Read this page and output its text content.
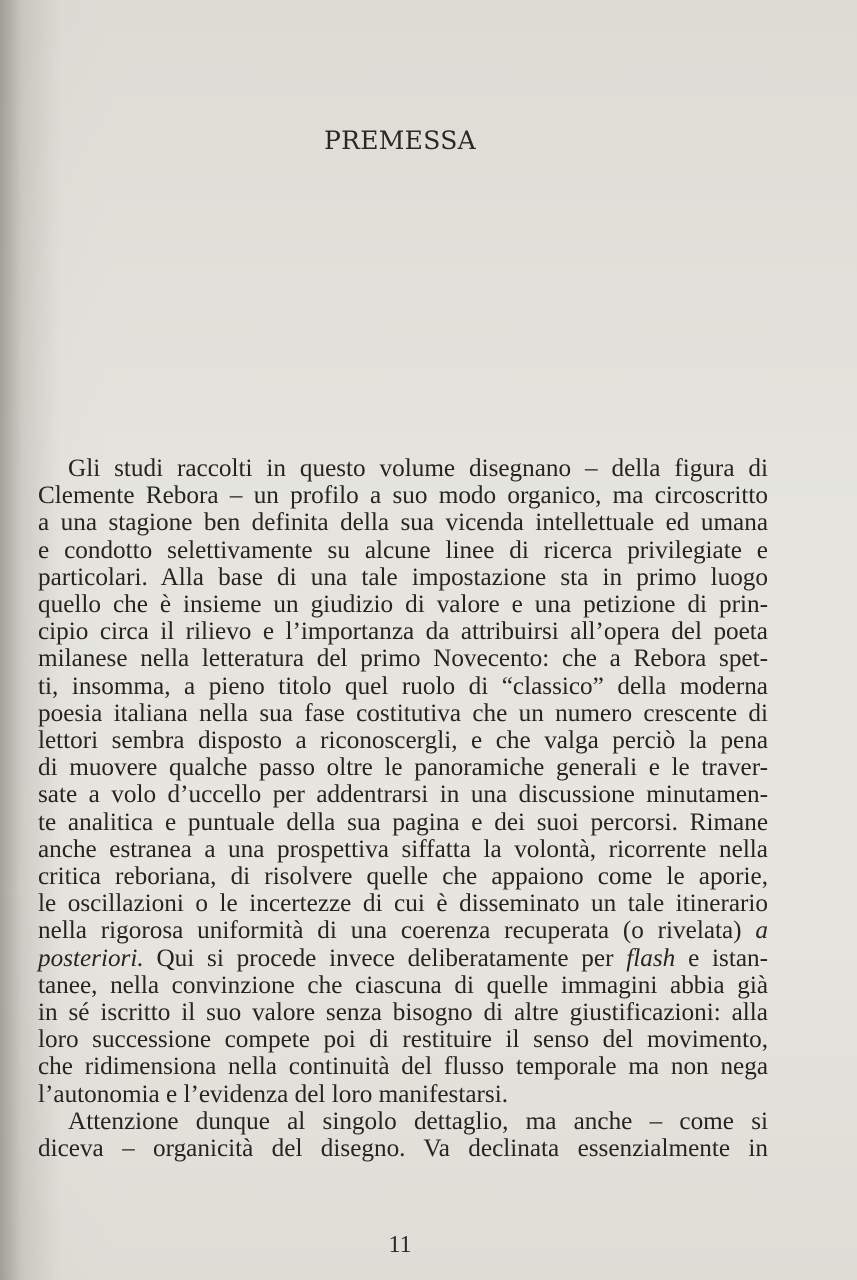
PREMESSA
Gli studi raccolti in questo volume disegnano – della figura di
Clemente Rebora – un profilo a suo modo organico, ma circoscritto
a una stagione ben definita della sua vicenda intellettuale ed umana
e condotto selettivamente su alcune linee di ricerca privilegiate e
particolari. Alla base di una tale impostazione sta in primo luogo
quello che è insieme un giudizio di valore e una petizione di prin-
cipio circa il rilievo e l’importanza da attribuirsi all’opera del poeta
milanese nella letteratura del primo Novecento: che a Rebora spet-
ti, insomma, a pieno titolo quel ruolo di “classico” della moderna
poesia italiana nella sua fase costitutiva che un numero crescente di
lettori sembra disposto a riconoscergli, e che valga perciò la pena
di muovere qualche passo oltre le panoramiche generali e le traver-
sate a volo d’uccello per addentrarsi in una discussione minutamen-
te analitica e puntuale della sua pagina e dei suoi percorsi. Rimane
anche estranea a una prospettiva siffatta la volontà, ricorrente nella
critica reboriana, di risolvere quelle che appaiono come le aporie,
le oscillazioni o le incertezze di cui è disseminato un tale itinerario
nella rigorosa uniformità di una coerenza recuperata (o rivelata) a
posteriori. Qui si procede invece deliberatamente per flash e istan-
tanee, nella convinzione che ciascuna di quelle immagini abbia già
in sé iscritto il suo valore senza bisogno di altre giustificazioni: alla
loro successione compete poi di restituire il senso del movimento,
che ridimensiona nella continuità del flusso temporale ma non nega
l’autonomia e l’evidenza del loro manifestarsi.
Attenzione dunque al singolo dettaglio, ma anche – come si
diceva – organicità del disegno. Va declinata essenzialmente in
11
